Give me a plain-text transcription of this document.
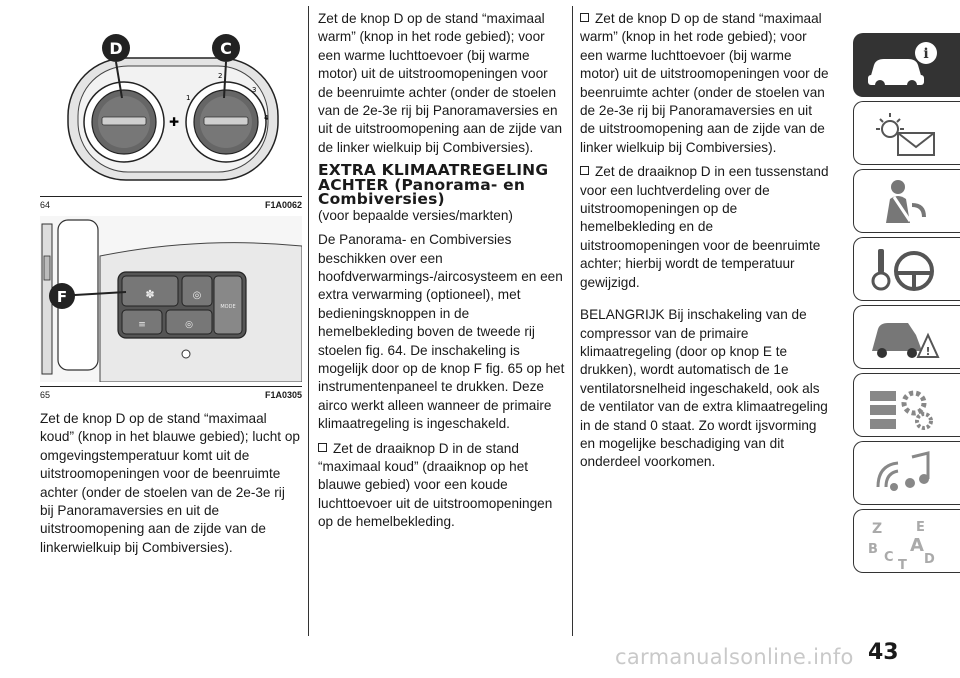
✚
1
2
3
4
D	C
64	F1A0062
✽	◎
≡	◎
MODE
F
65	F1A0305

Zet de knop D op de stand “maximaal koud” (knop in het blauwe gebied); lucht op omgevingstemperatuur komt uit de uitstroomopeningen voor de beenruimte achter (onder de stoelen van de 2e-3e rij bij Panoramaversies en uit de uitstroomopening aan de zijde van de linkerwielkuip bij Combiversies).

Zet de knop D op de stand “maximaal warm” (knop in het rode gebied); voor een warme luchttoevoer (bij warme motor) uit de uitstroomopeningen voor de beenruimte achter (onder de stoelen van de 2e-3e rij bij Panoramaversies en uit de uitstroomopening aan de zijde van de linker wielkuip bij Combiversies).

EXTRA KLIMAATREGELING ACHTER (Panorama- en Combiversies)

(voor bepaalde versies/markten)

De Panorama- en Combiversies beschikken over een hoofdverwarmings-/aircosysteem en een extra verwarming (optioneel), met bedieningsknoppen in de hemelbekleding boven de tweede rij stoelen fig. 64. De inschakeling is mogelijk door op de knop F fig. 65 op het instrumentenpaneel te drukken. Deze airco werkt alleen wanneer de primaire klimaatregeling is ingeschakeld.

Zet de draaiknop D in de stand “maximaal koud” (draaiknop op het blauwe gebied) voor een koude luchttoevoer uit de uitstroomopeningen op de hemelbekleding.

Zet de knop D op de stand “maximaal warm” (knop in het rode gebied); voor een warme luchttoevoer (bij warme motor) uit de uitstroomopeningen voor de beenruimte achter (onder de stoelen van de 2e-3e rij bij Panoramaversies en uit de uitstroomopening aan de zijde van de linker wielkuip bij Combiversies).

Zet de draaiknop D in een tussenstand voor een luchtverdeling over de uitstroomopeningen op de hemelbekleding en de uitstroomopeningen voor de beenruimte achter; hierbij wordt de temperatuur gewijzigd.

BELANGRIJK Bij inschakeling van de compressor van de primaire klimaatregeling (door op knop E te drukken), wordt automatisch de 1e ventilatorsnelheid ingeschakeld, ook als de ventilator van de extra klimaatregeling in de stand 0 staat. Zo wordt ijsvorming en mogelijke beschadiging van dit onderdeel voorkomen.

i
!
Z	E
B A
C D
T
43
carmanualsonline.info
